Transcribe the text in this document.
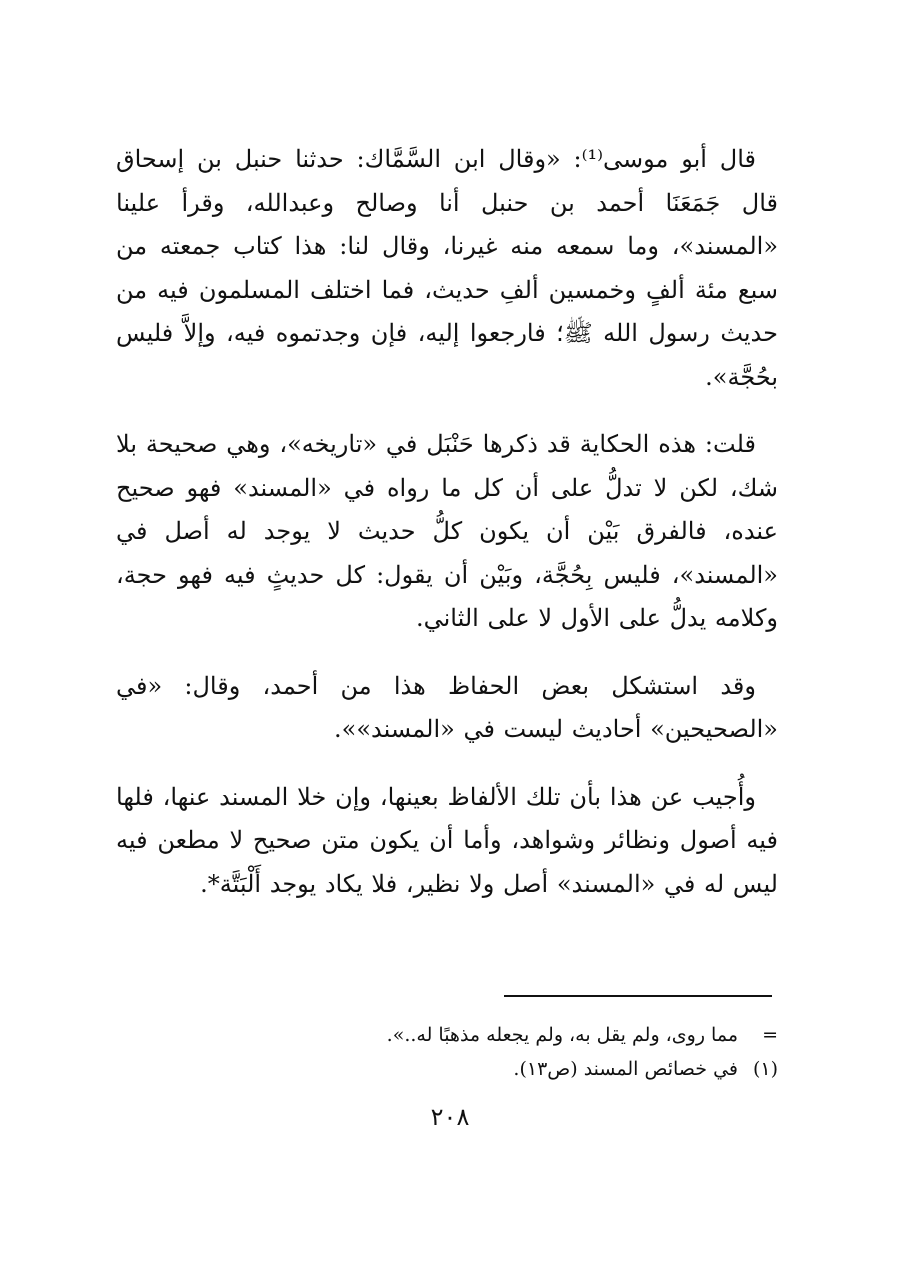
قال أبو موسى⁽¹⁾: «وقال ابن السَّمَّاك: حدثنا حنبل بن إسحاق قال جَمَعَنَا أحمد بن حنبل أنا وصالح وعبدالله، وقرأ علينا «المسند»، وما سمعه منه غيرنا، وقال لنا: هذا كتاب جمعته من سبع مئة ألفٍ وخمسين ألفِ حديث، فما اختلف المسلمون فيه من حديث رسول الله ﷺ؛ فارجعوا إليه، فإن وجدتموه فيه، وإلاَّ فليس بحُجَّة».

قلت: هذه الحكاية قد ذكرها حَنْبَل في «تاريخه»، وهي صحيحة بلا شك، لكن لا تدلُّ على أن كل ما رواه في «المسند» فهو صحيح عنده، فالفرق بَيْن أن يكون كلُّ حديث لا يوجد له أصل في «المسند»، فليس بِحُجَّة، وبَيْن أن يقول: كل حديثٍ فيه فهو حجة، وكلامه يدلُّ على الأول لا على الثاني.

وقد استشكل بعض الحفاظ هذا من أحمد، وقال: «في «الصحيحين» أحاديث ليست في «المسند»».

وأُجيب عن هذا بأن تلك الألفاظ بعينها، وإن خلا المسند عنها، فلها فيه أصول ونظائر وشواهد، وأما أن يكون متن صحيح لا مطعن فيه ليس له في «المسند» أصل ولا نظير، فلا يكاد يوجد أَلْبَتَّة*.

=
مما روى، ولم يقل به، ولم يجعله مذهبًا له..».
(١)
في خصائص المسند (ص١٣).
٢٠٨
